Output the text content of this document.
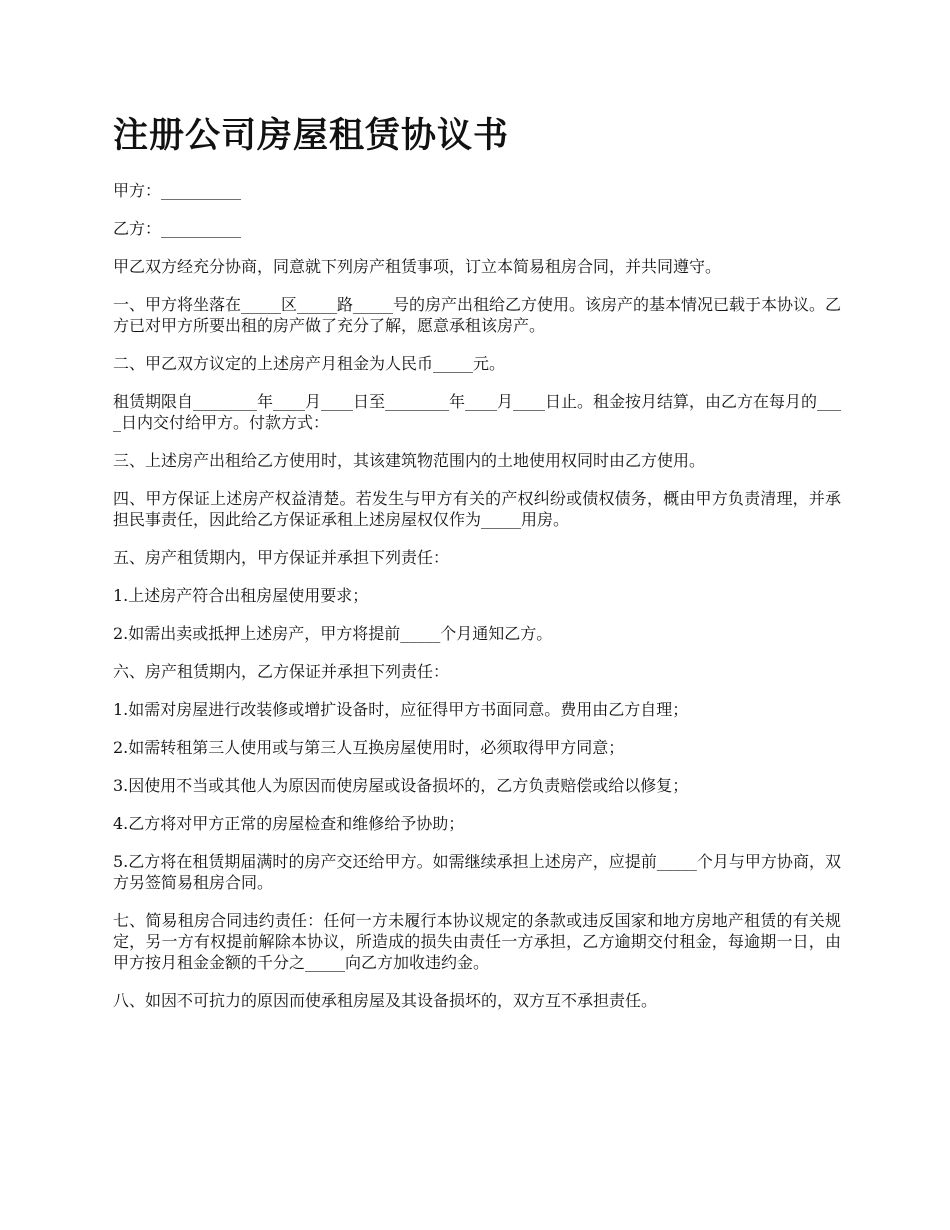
注册公司房屋租赁协议书

甲方：__________

乙方：__________

甲乙双方经充分协商，同意就下列房产租赁事项，订立本简易租房合同，并共同遵守。

一、甲方将坐落在_____区_____路_____号的房产出租给乙方使用。该房产的基本情况已载于本协议。乙方已对甲方所要出租的房产做了充分了解，愿意承租该房产。

二、甲乙双方议定的上述房产月租金为人民币_____元。

租赁期限自________年____月____日至________年____月____日止。租金按月结算，由乙方在每月的____日内交付给甲方。付款方式：

三、上述房产出租给乙方使用时，其该建筑物范围内的土地使用权同时由乙方使用。

四、甲方保证上述房产权益清楚。若发生与甲方有关的产权纠纷或债权债务，概由甲方负责清理，并承担民事责任，因此给乙方保证承租上述房屋权仅作为_____用房。

五、房产租赁期内，甲方保证并承担下列责任：

1.上述房产符合出租房屋使用要求；

2.如需出卖或抵押上述房产，甲方将提前_____个月通知乙方。

六、房产租赁期内，乙方保证并承担下列责任：

1.如需对房屋进行改装修或增扩设备时，应征得甲方书面同意。费用由乙方自理；

2.如需转租第三人使用或与第三人互换房屋使用时，必须取得甲方同意；

3.因使用不当或其他人为原因而使房屋或设备损坏的，乙方负责赔偿或给以修复；

4.乙方将对甲方正常的房屋检查和维修给予协助；

5.乙方将在租赁期届满时的房产交还给甲方。如需继续承担上述房产，应提前_____个月与甲方协商，双方另签简易租房合同。

七、简易租房合同违约责任：任何一方未履行本协议规定的条款或违反国家和地方房地产租赁的有关规定，另一方有权提前解除本协议，所造成的损失由责任一方承担，乙方逾期交付租金，每逾期一日，由甲方按月租金金额的千分之_____向乙方加收违约金。

八、如因不可抗力的原因而使承租房屋及其设备损坏的，双方互不承担责任。
